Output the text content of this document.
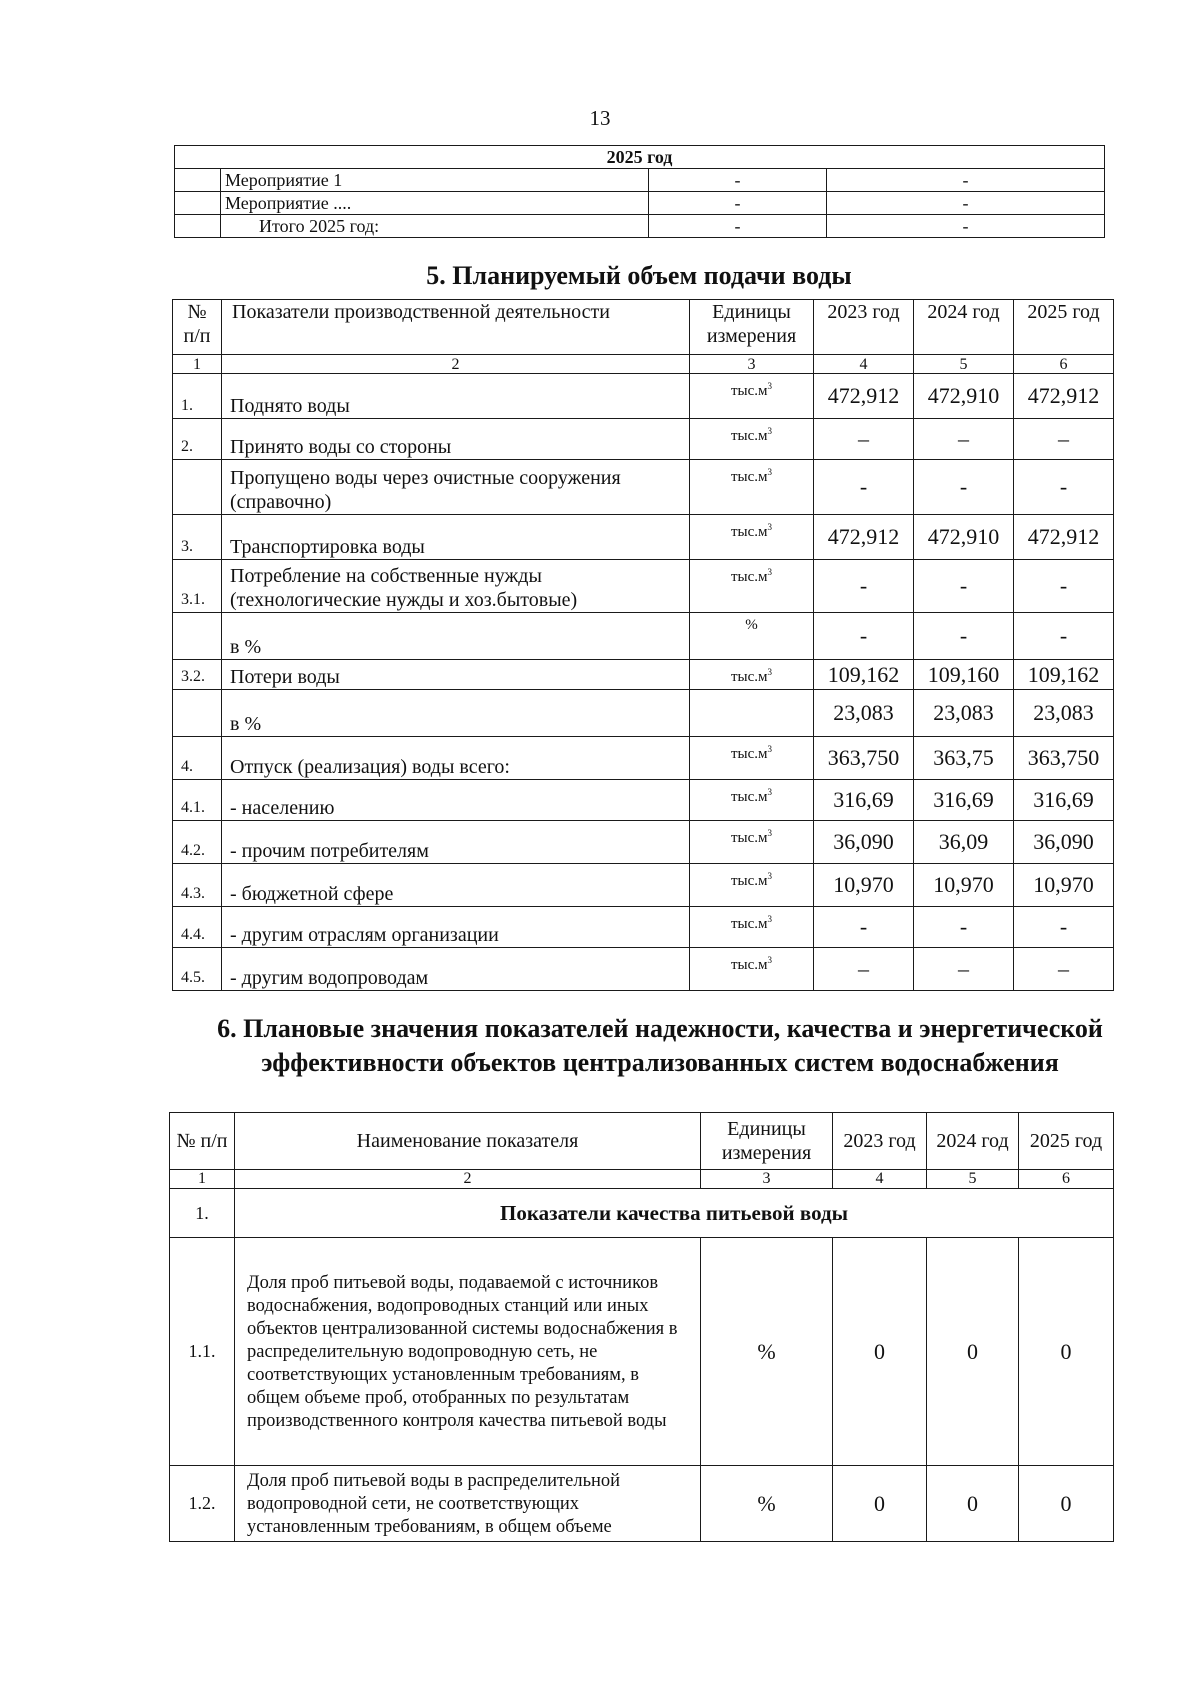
13
2025 год			
	Мероприятие 1	-	-
	Мероприятие ....	-	-
	Итого 2025 год:	-	-
5. Планируемый объем подачи воды
№ п/п	Показатели производственной деятельности	Единицы измерения	2023 год	2024 год	2025 год
1	2	3	4	5	6
1.	Поднято воды	$тыс.м^3$	472,912	472,910	472,912
2.	Принято воды со стороны	$тыс.м^3$	–	–	–
	Пропущено воды через очистные сооружения (справочно)	$тыс.м^3$	-	-	-
3.	Транспортировка воды	$тыс.м^3$	472,912	472,910	472,912
3.1.	Потребление на собственные нужды (технологические нужды и хоз.бытовые)	$тыс.м^3$	-	-	-
	в %	%	-	-	-
3.2.	Потери воды	$тыс.м^3$	109,162	109,160	109,162
	в %		23,083	23,083	23,083
4.	Отпуск (реализация) воды всего:	$тыс.м^3$	363,750	363,75	363,750
4.1.	- населению	$тыс.м^3$	316,69	316,69	316,69
4.2.	- прочим потребителям	$тыс.м^3$	36,090	36,09	36,090
4.3.	- бюджетной сфере	$тыс.м^3$	10,970	10,970	10,970
4.4.	- другим отраслям организации	$тыс.м^3$	-	-	-
4.5.	- другим водопроводам	$тыс.м^3$	–	–	–
6. Плановые значения показателей надежности, качества и энергетической эффективности объектов централизованных систем водоснабжения
№ п/п	Наименование показателя	Единицы измерения	2023 год	2024 год	2025 год
1	2	3	4	5	6
1.	Показатели качества питьевой воды				
1.1.	Доля проб питьевой воды, подаваемой с источников водоснабжения, водопроводных станций или иных объектов централизованной системы водоснабжения в распределительную водопроводную сеть, не соответствующих установленным требованиям, в общем объеме проб, отобранных по результатам производственного контроля качества питьевой воды	%	0	0	0
1.2.	Доля проб питьевой воды в распределительной водопроводной сети, не соответствующих установленным требованиям, в общем объеме	%	0	0	0
